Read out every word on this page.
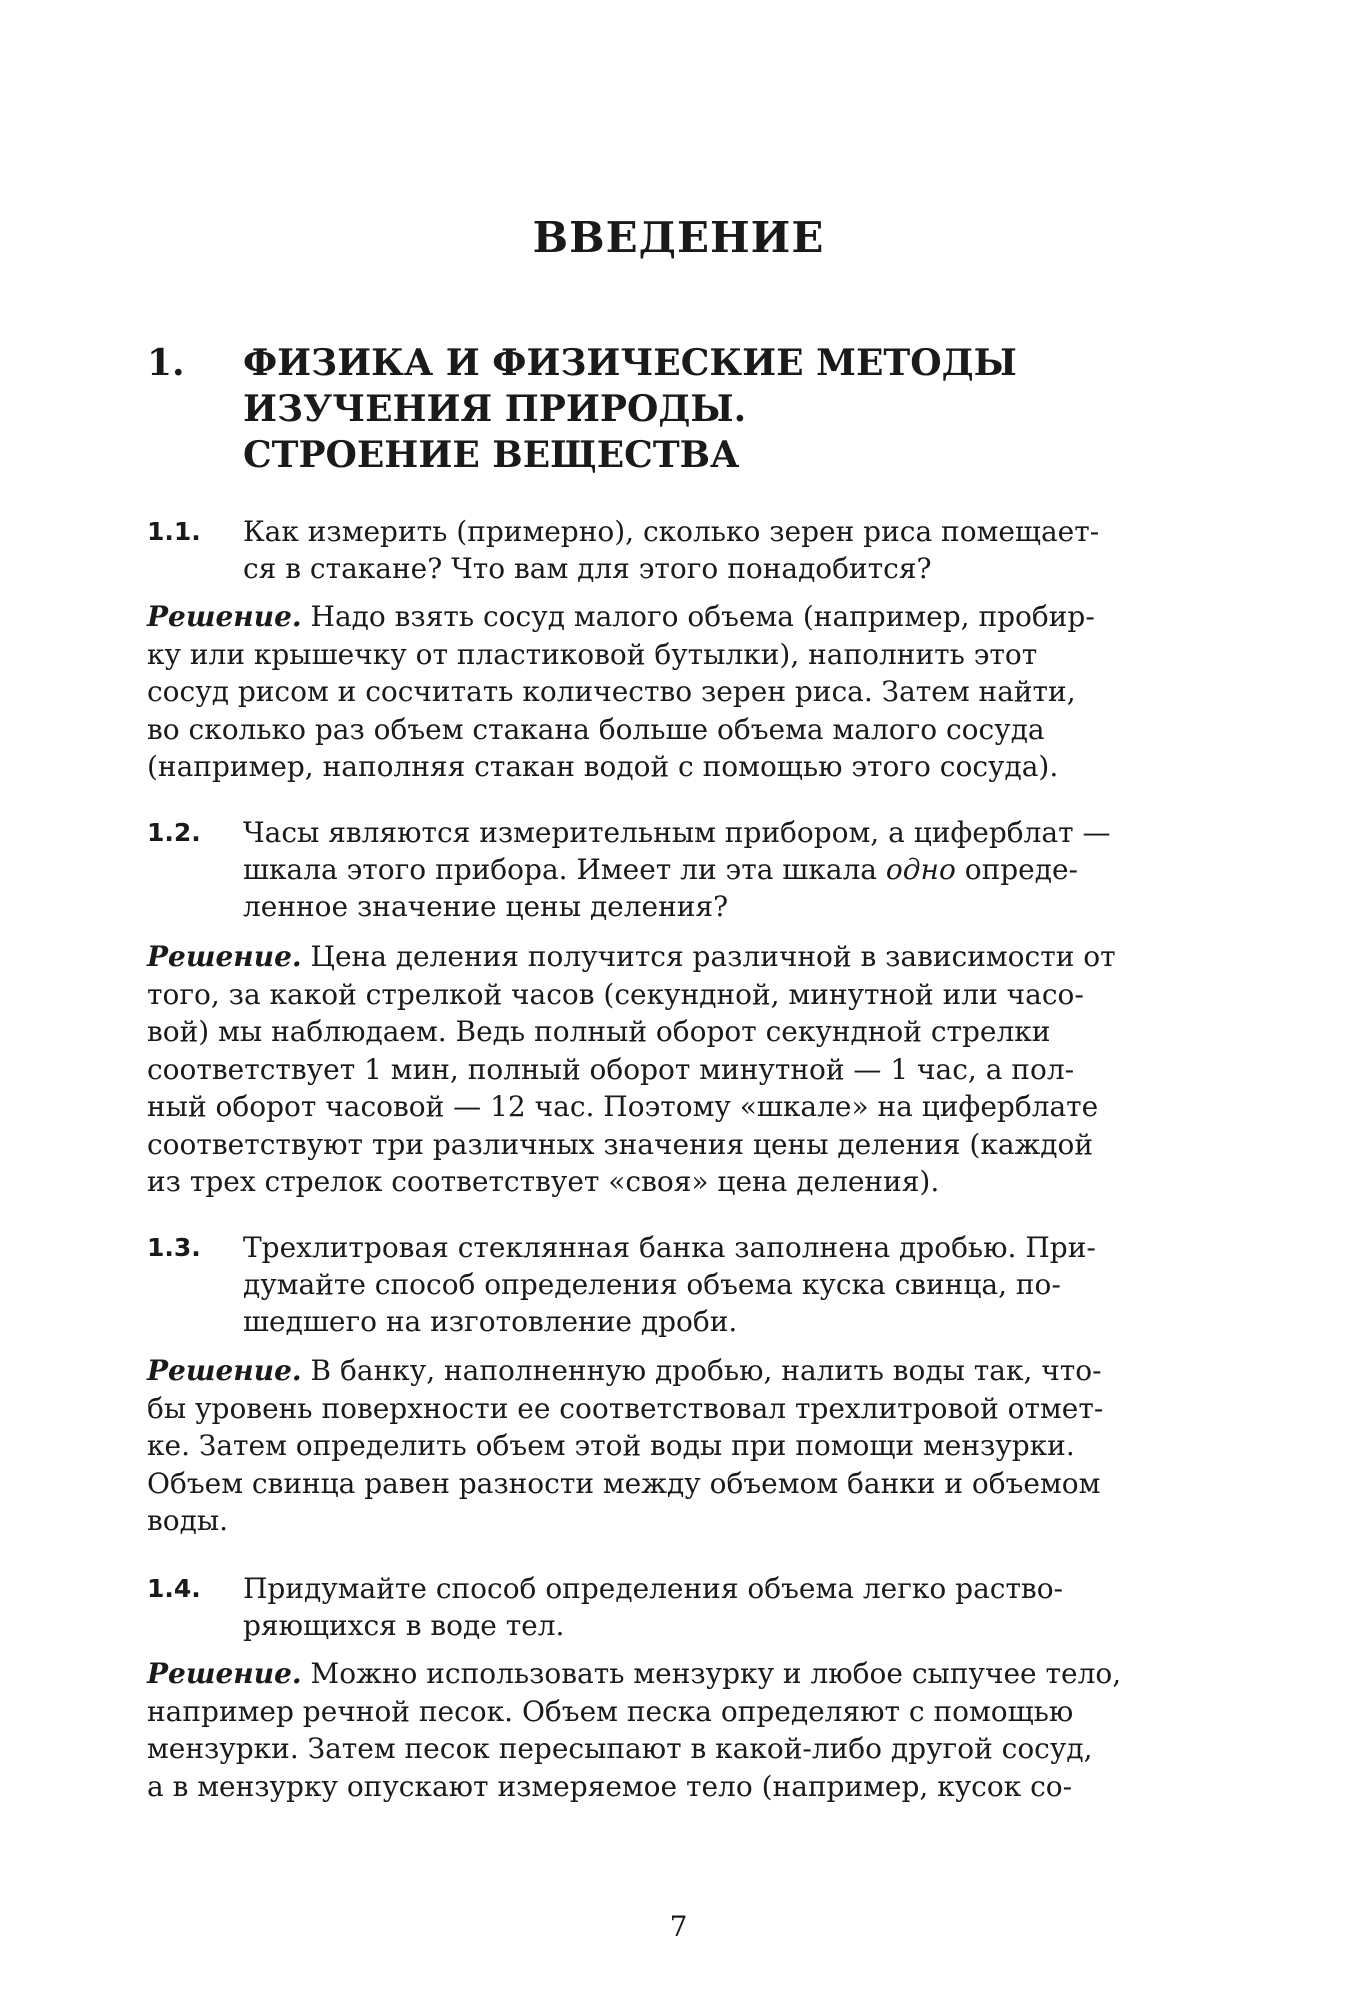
ВВЕДЕНИЕ
1. ФИЗИКА И ФИЗИЧЕСКИЕ МЕТОДЫ
ИЗУЧЕНИЯ ПРИРОДЫ.
СТРОЕНИЕ ВЕЩЕСТВА
1.1. Как измерить (примерно), сколько зерен риса помещает-
ся в стакане? Что вам для этого понадобится?
Решение. Надо взять сосуд малого объема (например, пробир-
ку или крышечку от пластиковой бутылки), наполнить этот
сосуд рисом и сосчитать количество зерен риса. Затем найти,
во сколько раз объем стакана больше объема малого сосуда
(например, наполняя стакан водой с помощью этого сосуда).
1.2. Часы являются измерительным прибором, а циферблат —
шкала этого прибора. Имеет ли эта шкала одно опреде-
ленное значение цены деления?
Решение. Цена деления получится различной в зависимости от
того, за какой стрелкой часов (секундной, минутной или часо-
вой) мы наблюдаем. Ведь полный оборот секундной стрелки
соответствует 1 мин, полный оборот минутной — 1 час, а пол-
ный оборот часовой — 12 час. Поэтому «шкале» на циферблате
соответствуют три различных значения цены деления (каждой
из трех стрелок соответствует «своя» цена деления).
1.3. Трехлитровая стеклянная банка заполнена дробью. При-
думайте способ определения объема куска свинца, по-
шедшего на изготовление дроби.
Решение. В банку, наполненную дробью, налить воды так, что-
бы уровень поверхности ее соответствовал трехлитровой отмет-
ке. Затем определить объем этой воды при помощи мензурки.
Объем свинца равен разности между объемом банки и объемом
воды.
1.4. Придумайте способ определения объема легко раство-
ряющихся в воде тел.
Решение. Можно использовать мензурку и любое сыпучее тело,
например речной песок. Объем песка определяют с помощью
мензурки. Затем песок пересыпают в какой-либо другой сосуд,
а в мензурку опускают измеряемое тело (например, кусок со-
7
